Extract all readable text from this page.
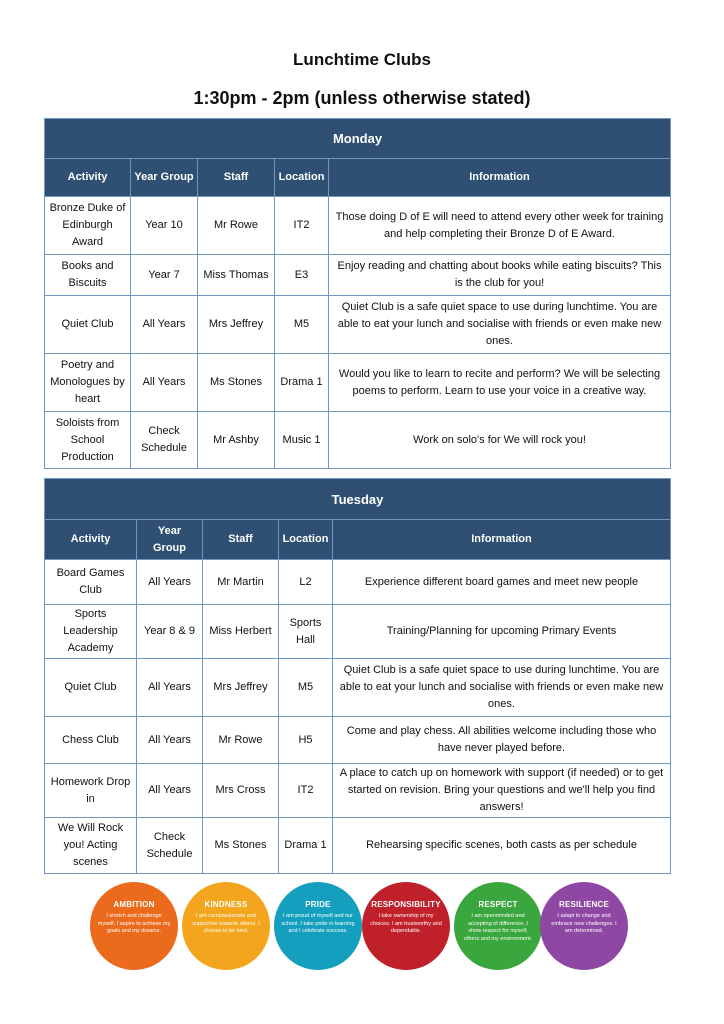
Lunchtime Clubs
1:30pm - 2pm (unless otherwise stated)
Monday				
Activity	Year Group	Staff	Location	Information
Bronze Duke of Edinburgh Award	Year 10	Mr Rowe	IT2	Those doing D of E will need to attend every other week for training and help completing their Bronze D of E Award.
Books and Biscuits	Year 7	Miss Thomas	E3	Enjoy reading and chatting about books while eating biscuits? This is the club for you!
Quiet Club	All Years	Mrs Jeffrey	M5	Quiet Club is a safe quiet space to use during lunchtime. You are able to eat your lunch and socialise with friends or even make new ones.
Poetry and Monologues by heart	All Years	Ms Stones	Drama 1	Would you like to learn to recite and perform? We will be selecting poems to perform. Learn to use your voice in a creative way.
Soloists from School Production	Check Schedule	Mr Ashby	Music 1	Work on solo's for We will rock you!
Tuesday				
Activity	Year Group	Staff	Location	Information
Board Games Club	All Years	Mr Martin	L2	Experience different board games and meet new people
Sports Leadership Academy	Year 8 & 9	Miss Herbert	Sports Hall	Training/Planning for upcoming Primary Events
Quiet Club	All Years	Mrs Jeffrey	M5	Quiet Club is a safe quiet space to use during lunchtime. You are able to eat your lunch and socialise with friends or even make new ones.
Chess Club	All Years	Mr Rowe	H5	Come and play chess. All abilities welcome including those who have never played before.
Homework Drop in	All Years	Mrs Cross	IT2	A place to catch up on homework with support (if needed) or to get started on revision. Bring your questions and we'll help you find answers!
We Will Rock you! Acting scenes	Check Schedule	Ms Stones	Drama 1	Rehearsing specific scenes, both casts as per schedule
AMBITION
I stretch and challenge myself. I aspire to achieve my goals and my dreams.
KINDNESS
I am compassionate and supportive towards others. I choose to be kind.
PRIDE
I am proud of myself and our school. I take pride in learning and I celebrate success.
RESPONSIBILITY
I take ownership of my choices. I am trustworthy and dependable.
RESPECT
I am openminded and accepting of difference. I show respect for myself, others and my environment.
RESILIENCE
I adapt to change and embrace new challenges. I am determined.
